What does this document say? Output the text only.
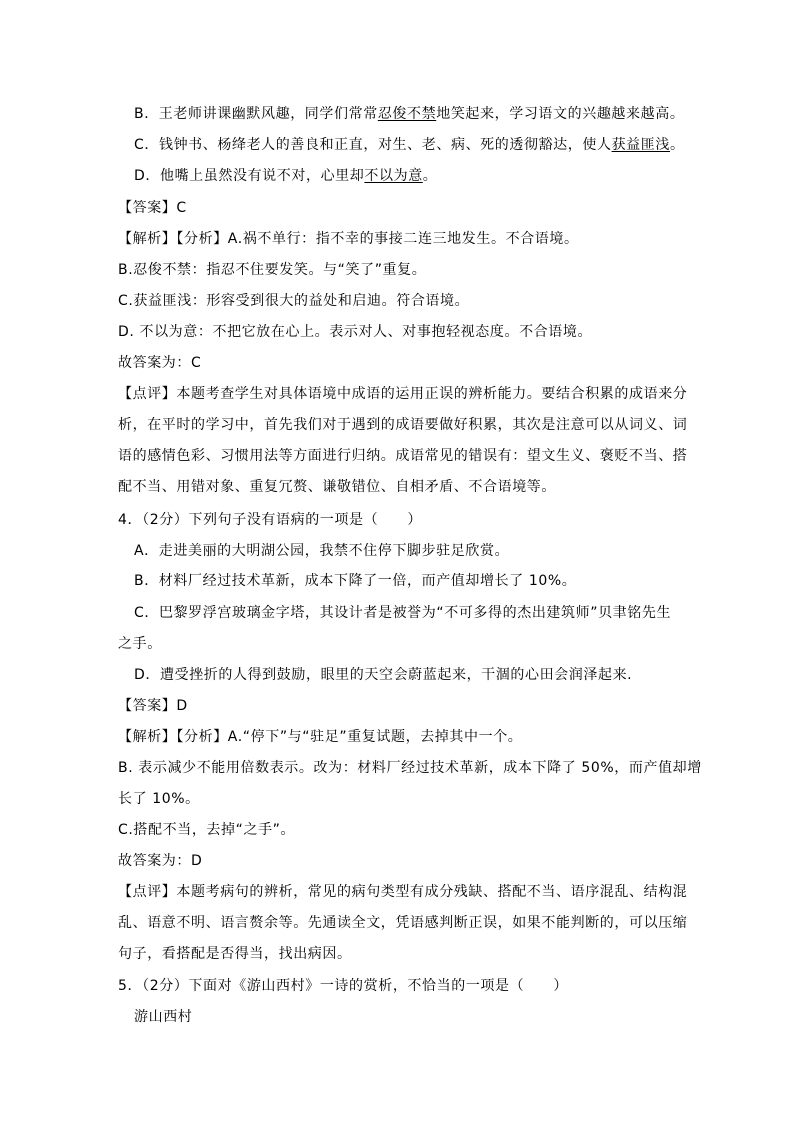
B．王老师讲课幽默风趣，同学们常常忍俊不禁地笑起来，学习语文的兴趣越来越高。
C．钱钟书、杨绛老人的善良和正直，对生、老、病、死的透彻豁达，使人获益匪浅。
D．他嘴上虽然没有说不对，心里却不以为意。
【答案】C
【解析】【分析】A.祸不单行：指不幸的事接二连三地发生。不合语境。
B.忍俊不禁：指忍不住要发笑。与“笑了”重复。
C.获益匪浅：形容受到很大的益处和启迪。符合语境。
D. 不以为意：不把它放在心上。表示对人、对事抱轻视态度。不合语境。
故答案为：C
【点评】本题考查学生对具体语境中成语的运用正误的辨析能力。要结合积累的成语来分
析，在平时的学习中，首先我们对于遇到的成语要做好积累，其次是注意可以从词义、词
语的感情色彩、习惯用法等方面进行归纳。成语常见的错误有：望文生义、褒贬不当、搭
配不当、用错对象、重复冗赘、谦敬错位、自相矛盾、不合语境等。
4．（2分）下列句子没有语病的一项是（　　）
A．走进美丽的大明湖公园，我禁不住停下脚步驻足欣赏。
B．材料厂经过技术革新，成本下降了一倍，而产值却增长了 10%。
C．巴黎罗浮宫玻璃金字塔，其设计者是被誉为“不可多得的杰出建筑师”贝聿铭先生
之手。
D．遭受挫折的人得到鼓励，眼里的天空会蔚蓝起来，干涸的心田会润泽起来.
【答案】D
【解析】【分析】A.“停下”与“驻足”重复试题，去掉其中一个。
B. 表示减少不能用倍数表示。改为：材料厂经过技术革新，成本下降了 50%，而产值却增
长了 10%。
C.搭配不当，去掉“之手”。
故答案为：D
【点评】本题考病句的辨析，常见的病句类型有成分残缺、搭配不当、语序混乱、结构混
乱、语意不明、语言赘余等。先通读全文，凭语感判断正误，如果不能判断的，可以压缩
句子，看搭配是否得当，找出病因。
5．（2分）下面对《游山西村》一诗的赏析，不恰当的一项是（　　）
游山西村
